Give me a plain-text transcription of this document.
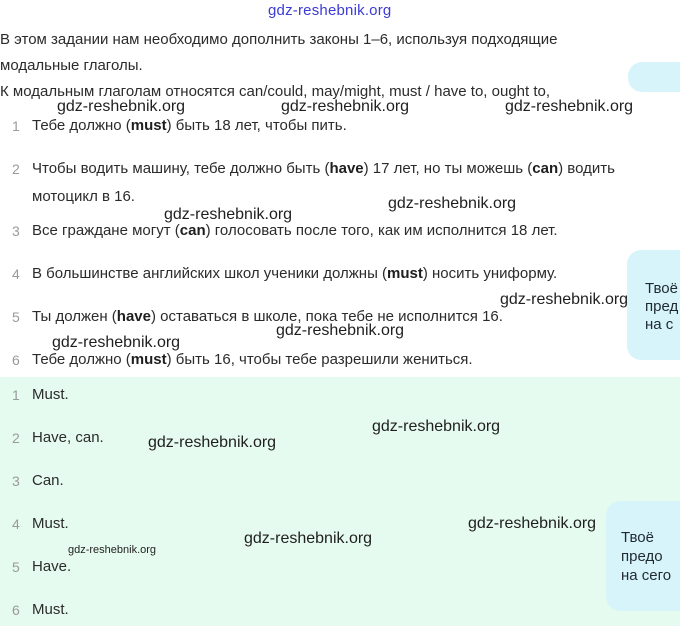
Твоё
пред
на с
Твоё
предо
на сего
gdz-reshebnik.org
В этом задании нам необходимо дополнить законы 1–6, используя подходящие
модальные глаголы.
К модальным глаголам относятся can/could, may/might, must / have to, ought to,
1 Тебе должно (must) быть 18 лет, чтобы пить.
2 Чтобы водить машину, тебе должно быть (have) 17 лет, но ты можешь (can) водить
мотоцикл в 16.
3 Все граждане могут (can) голосовать после того, как им исполнится 18 лет.
4 В большинстве английских школ ученики должны (must) носить униформу.
5 Ты должен (have) оставаться в школе, пока тебе не исполнится 16.
6 Тебе должно (must) быть 16, чтобы тебе разрешили жениться.
1 Must.
2 Have, can.
3 Can.
4 Must.
5 Have.
6 Must.
gdz-reshebnik.org	gdz-reshebnik.org	gdz-reshebnik.org
gdz-reshebnik.org
gdz-reshebnik.org
gdz-reshebnik.org
gdz-reshebnik.org
gdz-reshebnik.org
gdz-reshebnik.org
gdz-reshebnik.org
gdz-reshebnik.org
gdz-reshebnik.org
gdz-reshebnik.org
